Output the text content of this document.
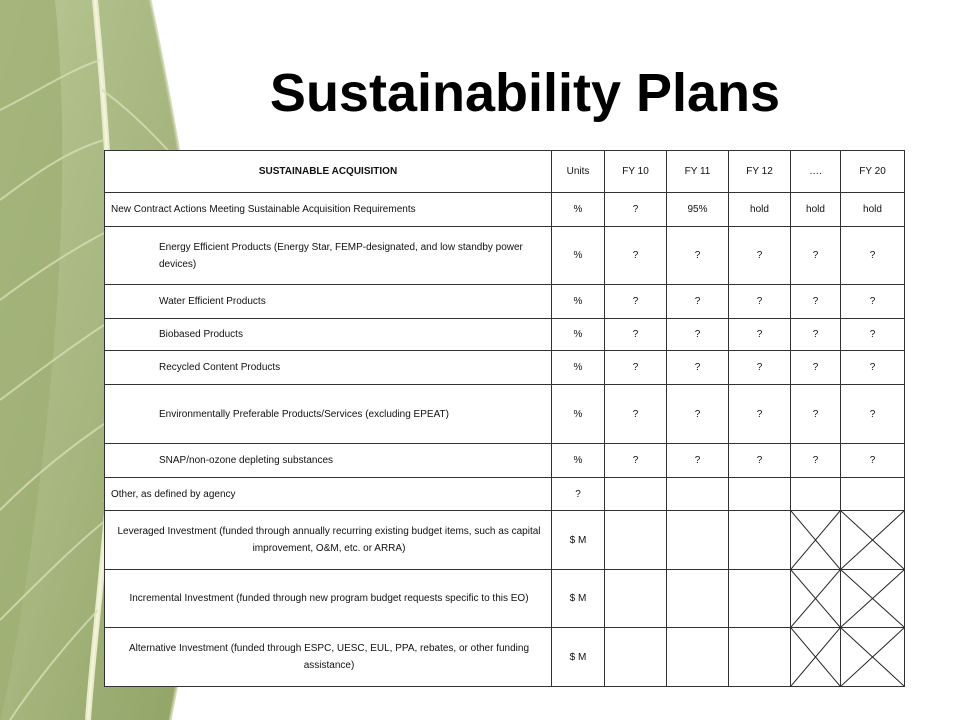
Sustainability Plans
SUSTAINABLE ACQUISITION	Units	FY 10	FY 11	FY 12	….	FY 20
New Contract Actions Meeting Sustainable Acquisition Requirements	%	?	95%	hold	hold	hold
Energy Efficient Products (Energy Star, FEMP-designated, and low standby power devices)	%	?	?	?	?	?
Water Efficient Products	%	?	?	?	?	?
Biobased Products	%	?	?	?	?	?
Recycled Content Products	%	?	?	?	?	?
Environmentally Preferable Products/Services (excluding EPEAT)	%	?	?	?	?	?
SNAP/non-ozone depleting substances	%	?	?	?	?	?
Other, as defined by agency	?					
Leveraged Investment (funded through annually recurring existing budget items, such as capital improvement, O&M, etc. or ARRA)	$ M				

Incremental Investment (funded through new program budget requests specific to this EO)	$ M				

Alternative Investment (funded through ESPC, UESC, EUL, PPA, rebates, or other funding assistance)	$ M				
